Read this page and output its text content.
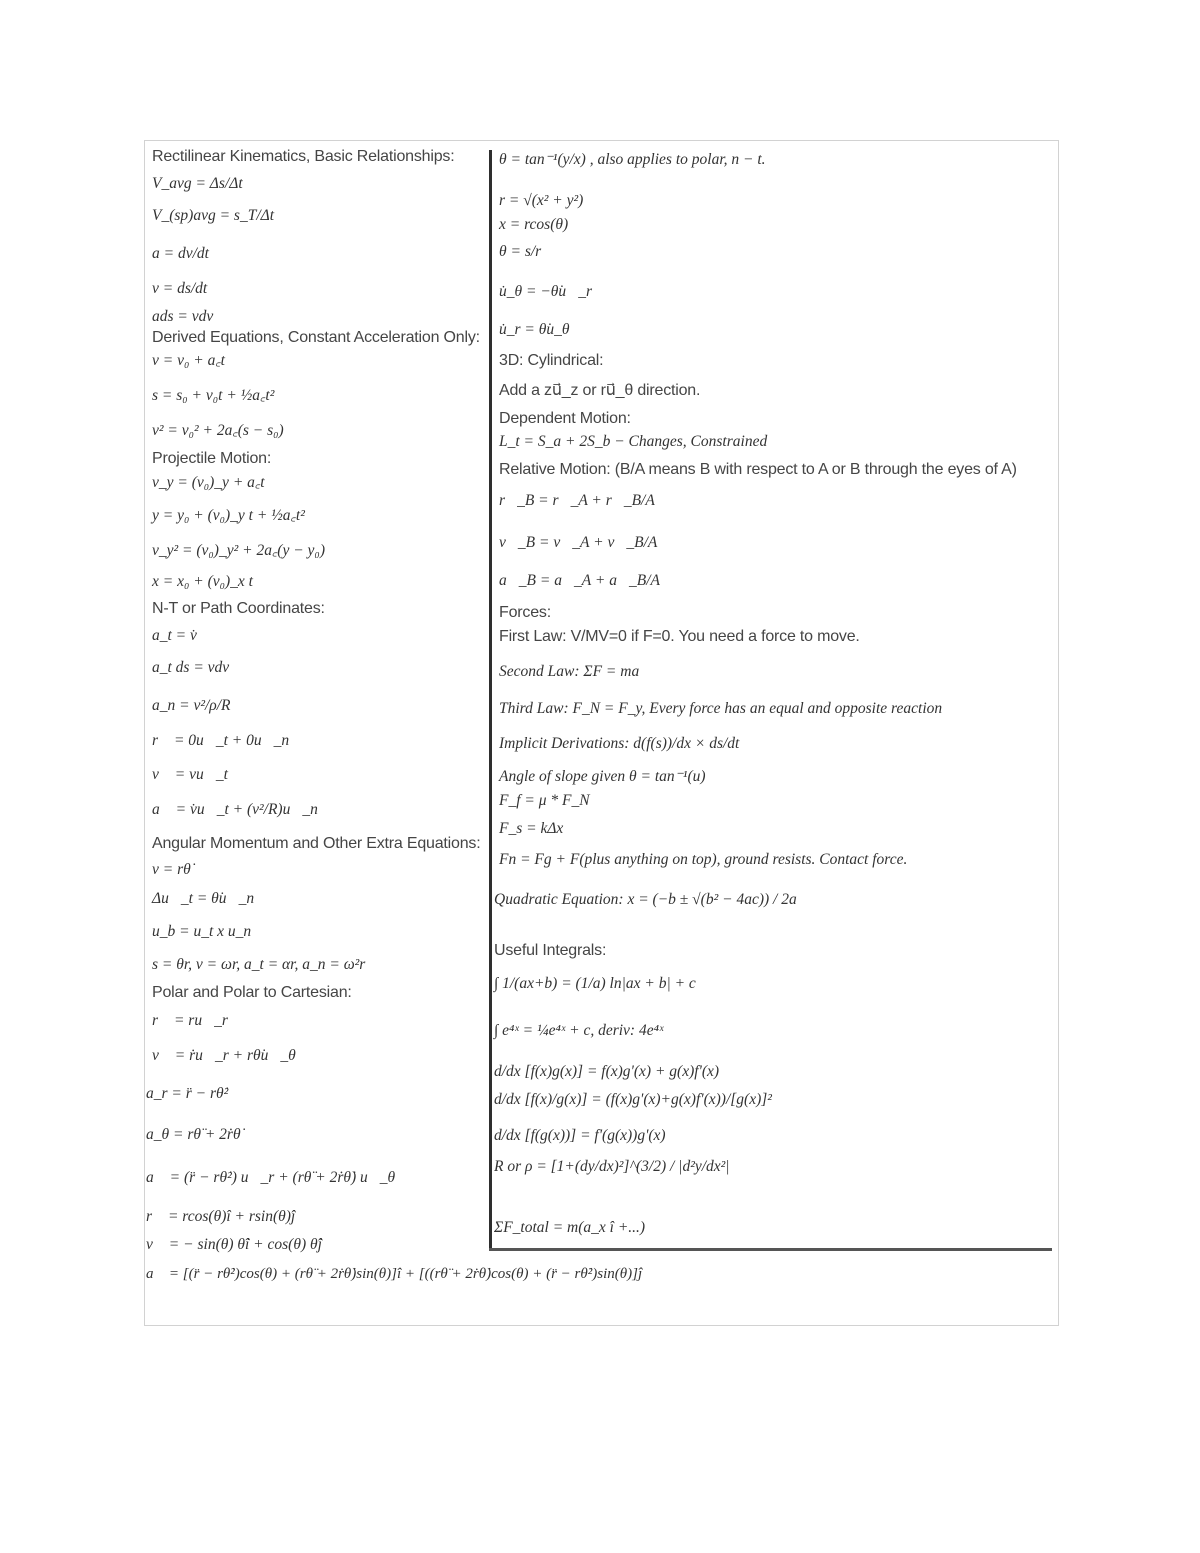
Rectilinear Kinematics, Basic Relationships:
V_avg = Δs/Δt
V_(sp)avg = s_T/Δt
a = dv/dt
v = ds/dt
ads = vdv
Derived Equations, Constant Acceleration Only:
v = v₀ + a꜀t
s = s₀ + v₀t + ½a꜀t²
v² = v₀² + 2a꜀(s − s₀)
Projectile Motion:
v_y = (v₀)_y + a꜀t
y = y₀ + (v₀)_y t + ½a꜀t²
v_y² = (v₀)_y² + 2a꜀(y − y₀)
x = x₀ + (v₀)_x t
N-T or Path Coordinates:
a_t = v̇
a_t ds = vdv
a_n = v²/ρ/R
r⃗ = 0u⃗_t + 0u⃗_n
v⃗ = vu⃗_t
a⃗ = v̇u⃗_t + (v²/R)u⃗_n
Angular Momentum and Other Extra Equations:
v = rθ̇
Δu⃗_t = θ̇u⃗_n
u_b = u_t x u_n
s = θr, v = ωr, a_t = αr, a_n = ω²r
Polar and Polar to Cartesian:
r⃗ = ru⃗_r
v⃗ = ṙu⃗_r + rθ̇u⃗_θ
a_r = r̈ − rθ̇²
a_θ = rθ̈ + 2ṙθ̇
a⃗ = (r̈ − rθ̇²) u⃗_r + (rθ̈ + 2ṙθ̇) u⃗_θ
r⃗ = rcos(θ)î + rsin(θ)ĵ
v⃗ = − sin(θ) θ̇î + cos(θ) θ̇ĵ
θ = tan⁻¹(y/x) , also applies to polar, n − t.
r = √(x² + y²)
x = rcos(θ)
θ = s/r
u̇_θ = −θ̇u⃗_r
u̇_r = θ̇u_θ
3D: Cylindrical:
Add a zu⃗_z or ru⃗_θ direction.
Dependent Motion:
L_t = S_a + 2S_b − Changes, Constrained
Relative Motion: (B/A means B with respect to A or B through the eyes of A)
r⃗_B = r⃗_A + r⃗_B/A
v⃗_B = v⃗_A + v⃗_B/A
a⃗_B = a⃗_A + a⃗_B/A
Forces:
First Law: V/MV=0 if F=0. You need a force to move.
Second Law: ΣF = ma
Third Law: F_N = F_y, Every force has an equal and opposite reaction
Implicit Derivations: d(f(s))/dx × ds/dt
Angle of slope given θ = tan⁻¹(u)
F_f = μ * F_N
F_s = kΔx
Fn = Fg + F(plus anything on top), ground resists. Contact force.
Quadratic Equation: x = (−b ± √(b² − 4ac)) / 2a
Useful Integrals:
∫ 1/(ax+b) = (1/a) ln|ax + b| + c
∫ e⁴ˣ = ¼e⁴ˣ + c, deriv: 4e⁴ˣ
d/dx [f(x)g(x)] = f(x)g'(x) + g(x)f'(x)
d/dx [f(x)/g(x)] = (f(x)g'(x)+g(x)f'(x))/[g(x)]²
d/dx [f(g(x))] = f'(g(x))g'(x)
R or ρ = [1+(dy/dx)²]^(3/2) / |d²y/dx²|
ΣF_total = m(a_x î +...)
a⃗ = [(r̈ − rθ̇²)cos(θ) + (rθ̈ + 2ṙθ̇)sin(θ)]î + [((rθ̈ + 2ṙθ̇)cos(θ) + (r̈ − rθ̇²)sin(θ)]ĵ
